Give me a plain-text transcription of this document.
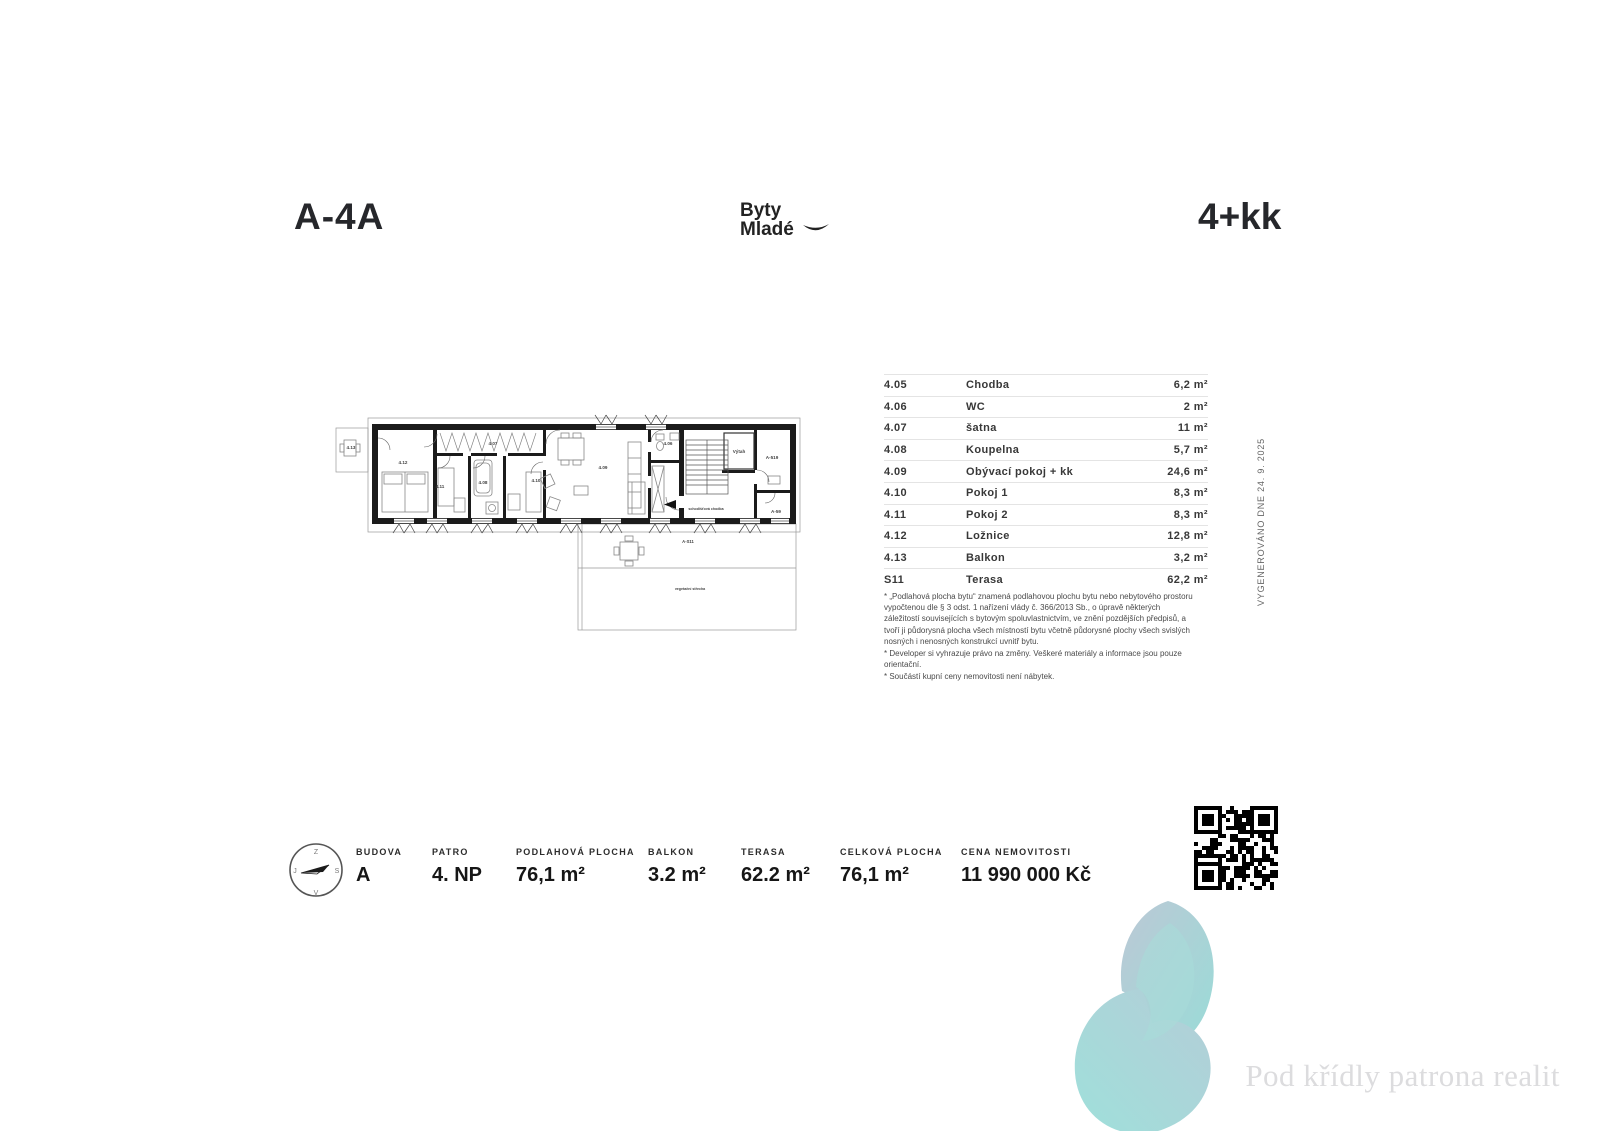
A-4A	Byty
Mladé	4+kk
4.13
4.12
4.11
4.08
4.07
4.10
4.09
4.06
Výtah
A-519
A-59
schodišťová chodba
A-S11
vegetační střecha
4.05	Chodba	6,2 m²
4.06	WC	2 m²
4.07	šatna	11 m²
4.08	Koupelna	5,7 m²
4.09	Obývací pokoj + kk	24,6 m²
4.10	Pokoj 1	8,3 m²
4.11	Pokoj 2	8,3 m²
4.12	Ložnice	12,8 m²
4.13	Balkon	3,2 m²
S11	Terasa	62,2 m²

* „Podlahová plocha bytu“ znamená podlahovou plochu bytu nebo nebytového prostoru vypočtenou dle § 3 odst. 1 nařízení vlády č. 366/2013 Sb., o úpravě některých záležitostí souvisejících s bytovým spoluvlastnictvím, ve znění pozdějších předpisů, a tvoří ji půdorysná plocha všech místností bytu včetně půdorysné plochy všech svislých nosných i nenosných konstrukcí uvnitř bytu.

* Developer si vyhrazuje právo na změny. Veškeré materiály a informace jsou pouze orientační.

* Součástí kupní ceny nemovitosti není nábytek.

VYGENEROVÁNO DNE 24. 9. 2025
Z
S
V
J
BUDOVA
A
PATRO
4. NP
PODLAHOVÁ PLOCHA
76,1 m²
BALKON
3.2 m²
TERASA
62.2 m²
CELKOVÁ PLOCHA
76,1 m²
CENA NEMOVITOSTI
11 990 000 Kč
Pod křídly patrona realit
